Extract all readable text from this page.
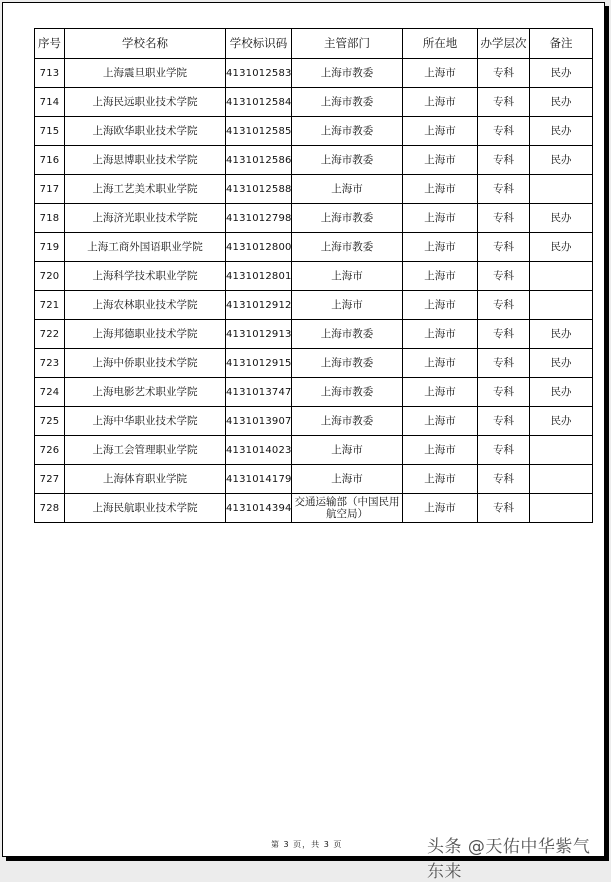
序号	学校名称	学校标识码	主管部门	所在地	办学层次	备注
713	上海震旦职业学院	4131012583	上海市教委	上海市	专科	民办
714	上海民远职业技术学院	4131012584	上海市教委	上海市	专科	民办
715	上海欧华职业技术学院	4131012585	上海市教委	上海市	专科	民办
716	上海思博职业技术学院	4131012586	上海市教委	上海市	专科	民办
717	上海工艺美术职业学院	4131012588	上海市	上海市	专科	
718	上海济光职业技术学院	4131012798	上海市教委	上海市	专科	民办
719	上海工商外国语职业学院	4131012800	上海市教委	上海市	专科	民办
720	上海科学技术职业学院	4131012801	上海市	上海市	专科	
721	上海农林职业技术学院	4131012912	上海市	上海市	专科	
722	上海邦德职业技术学院	4131012913	上海市教委	上海市	专科	民办
723	上海中侨职业技术学院	4131012915	上海市教委	上海市	专科	民办
724	上海电影艺术职业学院	4131013747	上海市教委	上海市	专科	民办
725	上海中华职业技术学院	4131013907	上海市教委	上海市	专科	民办
726	上海工会管理职业学院	4131014023	上海市	上海市	专科	
727	上海体育职业学院	4131014179	上海市	上海市	专科	
728	上海民航职业技术学院	4131014394	交通运输部（中国民用航空局）	上海市	专科	
第 3 页，共 3 页	头条 @天佑中华紫气东来
